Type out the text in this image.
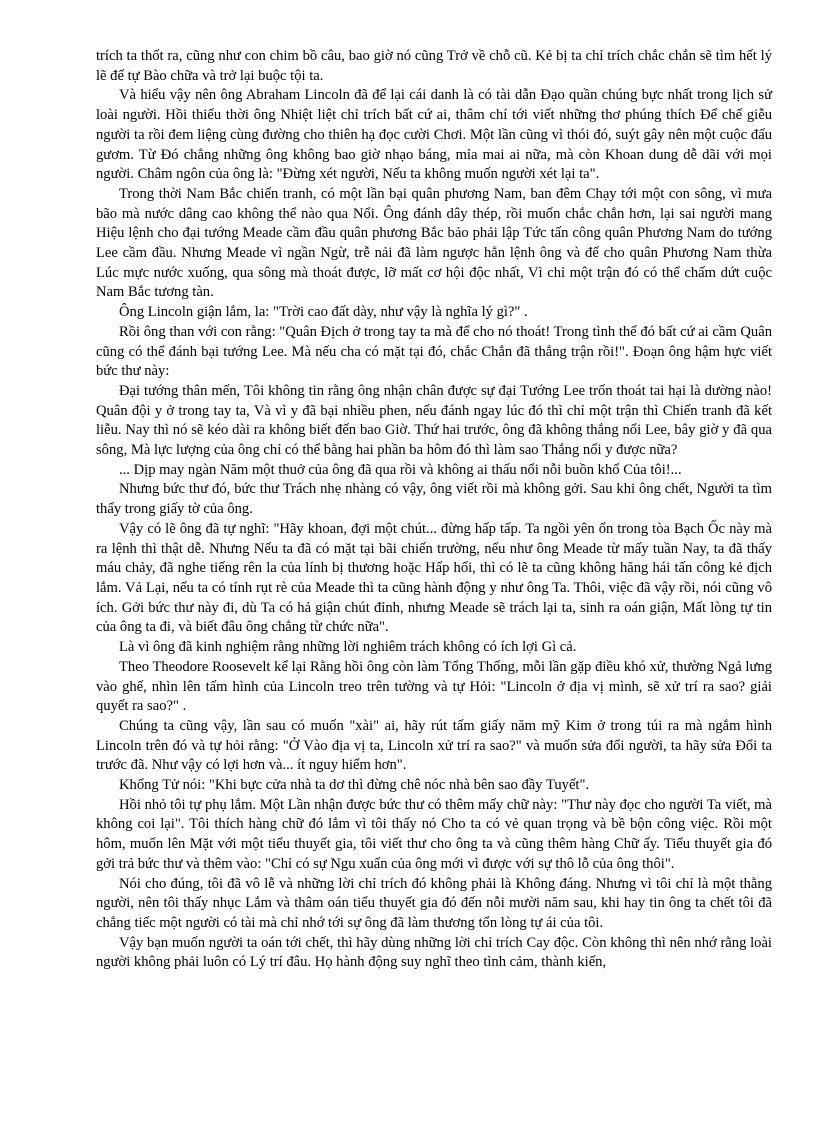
trích ta thốt ra, cũng như con chim bồ câu, bao giờ nó cũng Trở về chỗ cũ. Kẻ bị ta chỉ trích chắc chắn sẽ tìm hết lý lẽ để tự Bào chữa và trở lại buộc tội ta.

Và hiểu vậy nên ông Abraham Lincoln đã để lại cái danh là có tài dẫn Đạo quần chúng bực nhất trong lịch sử loài người. Hồi thiếu thời ông Nhiệt liệt chỉ trích bất cứ ai, thâm chí tới viết những thơ phúng thích Để chế giễu người ta rồi đem liệng cùng đường cho thiên hạ đọc cười Chơi. Một lần cũng vì thói đó, suýt gây nên một cuộc đấu gươm. Từ Đó chẳng những ông không bao giờ nhạo báng, mỉa mai ai nữa, mà còn Khoan dung dễ dãi với mọi người. Châm ngôn của ông là: "Đừng xét người, Nếu ta không muốn người xét lại ta".

Trong thời Nam Bắc chiến tranh, có một lần bại quân phương Nam, ban đêm Chạy tới một con sông, vì mưa bão mà nước dâng cao không thể nào qua Nổi. Ông đánh dây thép, rồi muốn chắc chắn hơn, lại sai người mang Hiệu lệnh cho đại tướng Meade cầm đầu quân phương Bắc bảo phải lập Tức tấn công quân Phương Nam do tướng Lee cầm đầu. Nhưng Meade vì ngần Ngừ, trễ nải đã làm ngược hẳn lệnh ông và để cho quân Phương Nam thừa Lúc mực nước xuống, qua sông mà thoát được, lỡ mất cơ hội độc nhất, Vì chỉ một trận đó có thể chấm dứt cuộc Nam Bắc tương tàn.

Ông Lincoln giận lắm, la: "Trời cao đất dày, như vậy là nghĩa lý gì?" .

Rồi ông than với con rằng: "Quân Địch ở trong tay ta mà để cho nó thoát! Trong tình thế đó bất cứ ai cầm Quân cũng có thể đánh bại tướng Lee. Mà nếu cha có mặt tại đó, chắc Chắn đã thắng trận rồi!". Đoạn ông hậm hực viết bức thư này:

Đại tướng thân mến, Tôi không tin rằng ông nhận chân được sự đại Tướng Lee trốn thoát tai hại là dường nào! Quân đội y ở trong tay ta, Và vì y đã bại nhiều phen, nếu đánh ngay lúc đó thì chỉ một trận thì Chiến tranh đã kết liễu. Nay thì nó sẽ kéo dài ra không biết đến bao Giờ. Thứ hai trước, ông đã không thắng nổi Lee, bây giờ y đã qua sông, Mà lực lượng của ông chỉ có thể bằng hai phần ba hôm đó thì làm sao Thắng nổi y được nữa?

... Dịp may ngàn Năm một thuở của ông đã qua rồi và không ai thấu nổi nỗi buồn khổ Của tôi!...

Nhưng bức thư đó, bức thư Trách nhẹ nhàng có vậy, ông viết rồi mà không gởi. Sau khi ông chết, Người ta tìm thấy trong giấy tờ của ông.

Vậy có lẽ ông đã tự nghĩ: "Hãy khoan, đợi một chút... đừng hấp tấp. Ta ngồi yên ổn trong tòa Bạch Ốc này mà ra lệnh thì thật dễ. Nhưng Nếu ta đã có mặt tại bãi chiến trường, nếu như ông Meade từ mấy tuần Nay, ta đã thấy máu chảy, đã nghe tiếng rên la của lính bị thương hoặc Hấp hối, thì có lẽ ta cũng không hăng hái tấn công kẻ địch lắm. Vả Lại, nếu ta có tính rụt rè của Meade thì ta cũng hành động y như ông Ta. Thôi, việc đã vậy rồi, nói cũng vô ích. Gởi bức thư này đi, dù Ta có hả giận chút đỉnh, nhưng Meade sẽ trách lại ta, sinh ra oán giận, Mất lòng tự tin của ông ta đi, và biết đâu ông chẳng từ chức nữa".

Là vì ông đã kinh nghiệm rằng những lời nghiêm trách không có ích lợi Gì cả.

Theo Theodore Roosevelt kể lại Rằng hồi ông còn làm Tổng Thống, mỗi lần gặp điều khó xử, thường Ngả lưng vào ghế, nhìn lên tấm hình của Lincoln treo trên tường và tự Hỏi: "Lincoln ở địa vị mình, sẽ xử trí ra sao? giải quyết ra sao?" .

Chúng ta cũng vậy, lần sau có muốn "xài" ai, hãy rút tấm giấy năm mỹ Kim ở trong túi ra mà ngắm hình Lincoln trên đó và tự hỏi rằng: "Ở Vào địa vị ta, Lincoln xử trí ra sao?" và muốn sửa đổi người, ta hãy sửa Đổi ta trước đã. Như vậy có lợi hơn và... ít nguy hiểm hơn".

Khổng Tử nói: "Khi bực cửa nhà ta dơ thì đừng chê nóc nhà bên sao đầy Tuyết".

Hồi nhỏ tôi tự phụ lắm. Một Lần nhận được bức thư có thêm mấy chữ này: "Thư này đọc cho người Ta viết, mà không coi lại". Tôi thích hàng chữ đó lắm vì tôi thấy nó Cho ta có vẻ quan trọng và bề bộn công việc. Rồi một hôm, muốn lên Mặt với một tiểu thuyết gia, tôi viết thư cho ông ta và cũng thêm hàng Chữ ấy. Tiểu thuyết gia đó gởi trả bức thư và thêm vào: "Chỉ có sự Ngu xuẩn của ông mới vì được với sự thô lỗ của ông thôi".

Nói cho đúng, tôi đã vô lễ và những lời chỉ trích đó không phải là Không đáng. Nhưng vì tôi chỉ là một thằng người, nên tôi thấy nhục Lắm và thâm oán tiểu thuyết gia đó đến nỗi mười năm sau, khi hay tin ông ta chết tôi đã chẳng tiếc một người có tài mà chỉ nhớ tới sự ông đã làm thương tổn lòng tự ái của tôi.

Vậy bạn muốn người ta oán tới chết, thì hãy dùng những lời chỉ trích Cay độc. Còn không thì nên nhớ rằng loài người không phải luôn có Lý trí đâu. Họ hành động suy nghĩ theo tình cảm, thành kiến,
